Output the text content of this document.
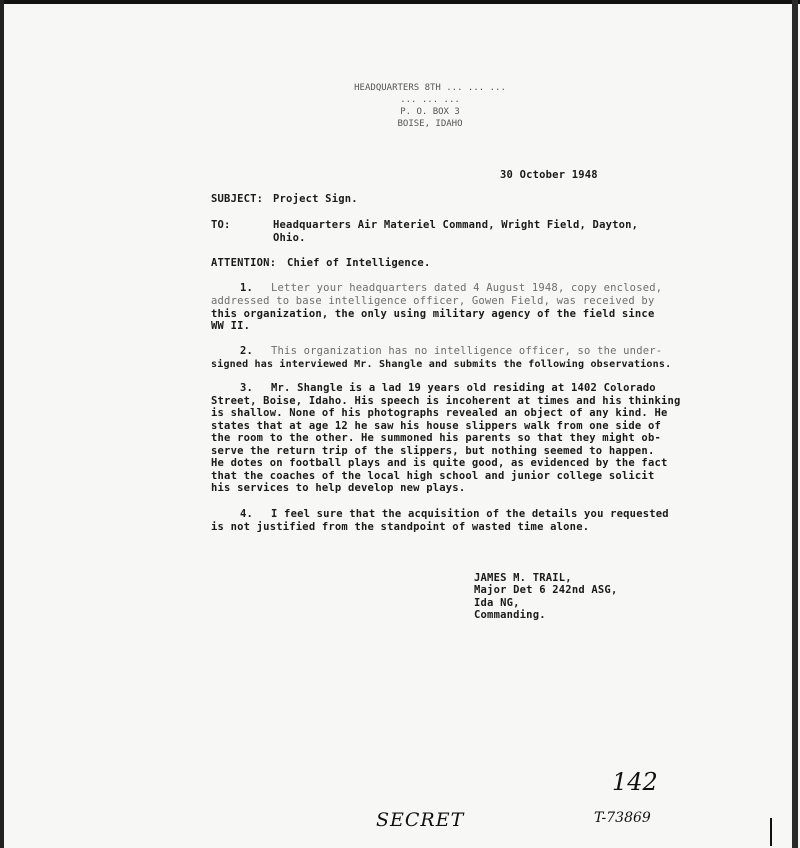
HEADQUARTERS 8TH ... ... ...
... ... ...
P. O. BOX 3
BOISE, IDAHO
30 October 1948
SUBJECT: Project Sign.
TO:	Headquarters Air Materiel Command, Wright Field, Dayton,
Ohio.
ATTENTION: Chief of Intelligence.
1. Letter your headquarters dated 4 August 1948, copy enclosed,
addressed to base intelligence officer, Gowen Field, was received by
this organization, the only using military agency of the field since
WW II.
2. This organization has no intelligence officer, so the under-
signed has interviewed Mr. Shangle and submits the following observations.
3. Mr. Shangle is a lad 19 years old residing at 1402 Colorado
Street, Boise, Idaho. His speech is incoherent at times and his thinking
is shallow. None of his photographs revealed an object of any kind. He
states that at age 12 he saw his house slippers walk from one side of
the room to the other. He summoned his parents so that they might ob-
serve the return trip of the slippers, but nothing seemed to happen.
He dotes on football plays and is quite good, as evidenced by the fact
that the coaches of the local high school and junior college solicit
his services to help develop new plays.
4. I feel sure that the acquisition of the details you requested
is not justified from the standpoint of wasted time alone.
JAMES M. TRAIL,
Major Det 6 242nd ASG,
Ida NG,
Commanding.
142
SECRET	T-73869
